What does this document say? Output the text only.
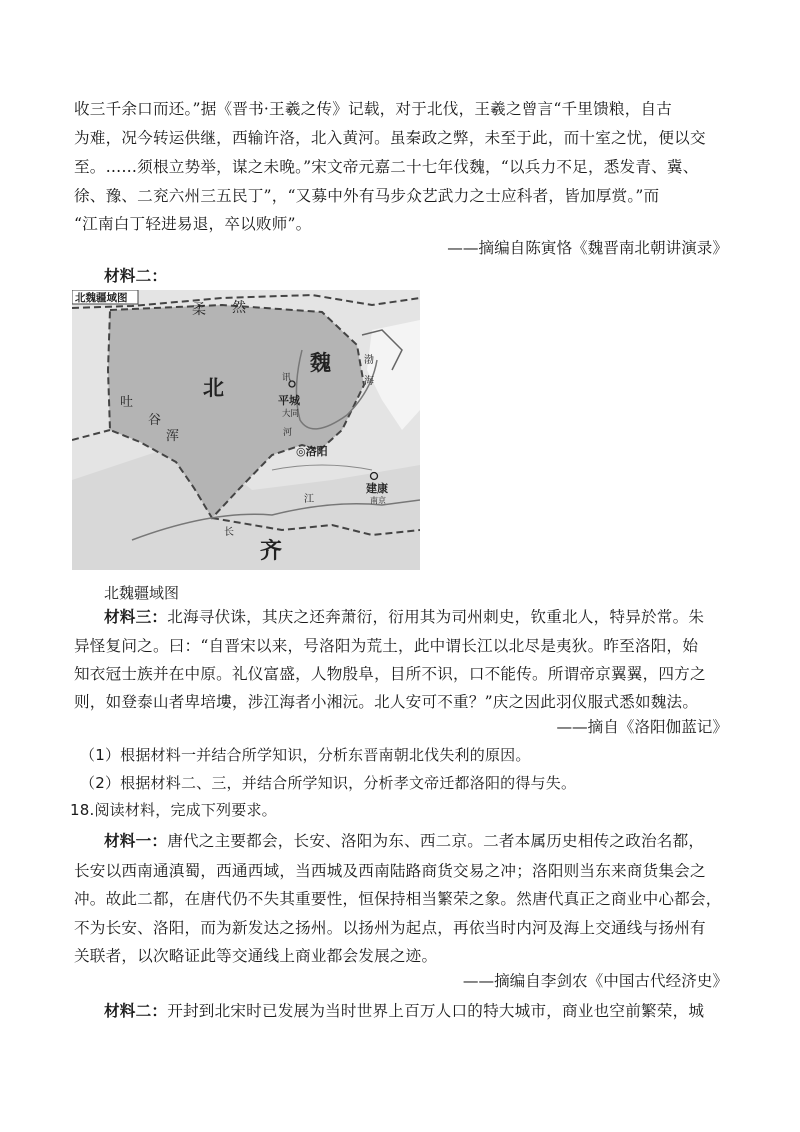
收三千余口而还。”据《晋书·王羲之传》记载，对于北伐，王羲之曾言“千里馈粮，自古
为难，况今转运供继，西输许洛，北入黄河。虽秦政之弊，未至于此，而十室之忧，便以交
至。……须根立势举，谋之未晚。”宋文帝元嘉二十七年伐魏，“以兵力不足，悉发青、冀、
徐、豫、二兖六州三五民丁”，“又募中外有马步众艺武力之士应科者，皆加厚赏。”而
“江南白丁轻进易退，卒以败师”。
——摘编自陈寅恪《魏晋南北朝讲演录》
材料二：
北魏疆域图
柔 然
北
魏
吐
谷
浑
齐
讯
平城
大同
河
◎洛阳
渤
海
建康
南京
江
长
北魏疆域图
材料三：北海寻伏诛，其庆之还奔萧衍，衍用其为司州刺史，钦重北人，特异於常。朱
异怪复问之。曰：“自晋宋以来，号洛阳为荒土，此中谓长江以北尽是夷狄。昨至洛阳，始
知衣冠士族并在中原。礼仪富盛，人物殷阜，目所不识，口不能传。所谓帝京翼翼，四方之
则，如登泰山者卑培塿，涉江海者小湘沅。北人安可不重？”庆之因此羽仪服式悉如魏法。
——摘自《洛阳伽蓝记》
（1）根据材料一并结合所学知识，分析东晋南朝北伐失利的原因。
（2）根据材料二、三，并结合所学知识，分析孝文帝迁都洛阳的得与失。
18.阅读材料，完成下列要求。
材料一：唐代之主要都会，长安、洛阳为东、西二京。二者本属历史相传之政治名都，
长安以西南通滇蜀，西通西域，当西城及西南陆路商货交易之冲；洛阳则当东来商货集会之
冲。故此二都，在唐代仍不失其重要性，恒保持相当繁荣之象。然唐代真正之商业中心都会，
不为长安、洛阳，而为新发达之扬州。以扬州为起点，再依当时内河及海上交通线与扬州有
关联者，以次略证此等交通线上商业都会发展之迹。
——摘编自李剑农《中国古代经济史》
材料二：开封到北宋时已发展为当时世界上百万人口的特大城市，商业也空前繁荣，城
